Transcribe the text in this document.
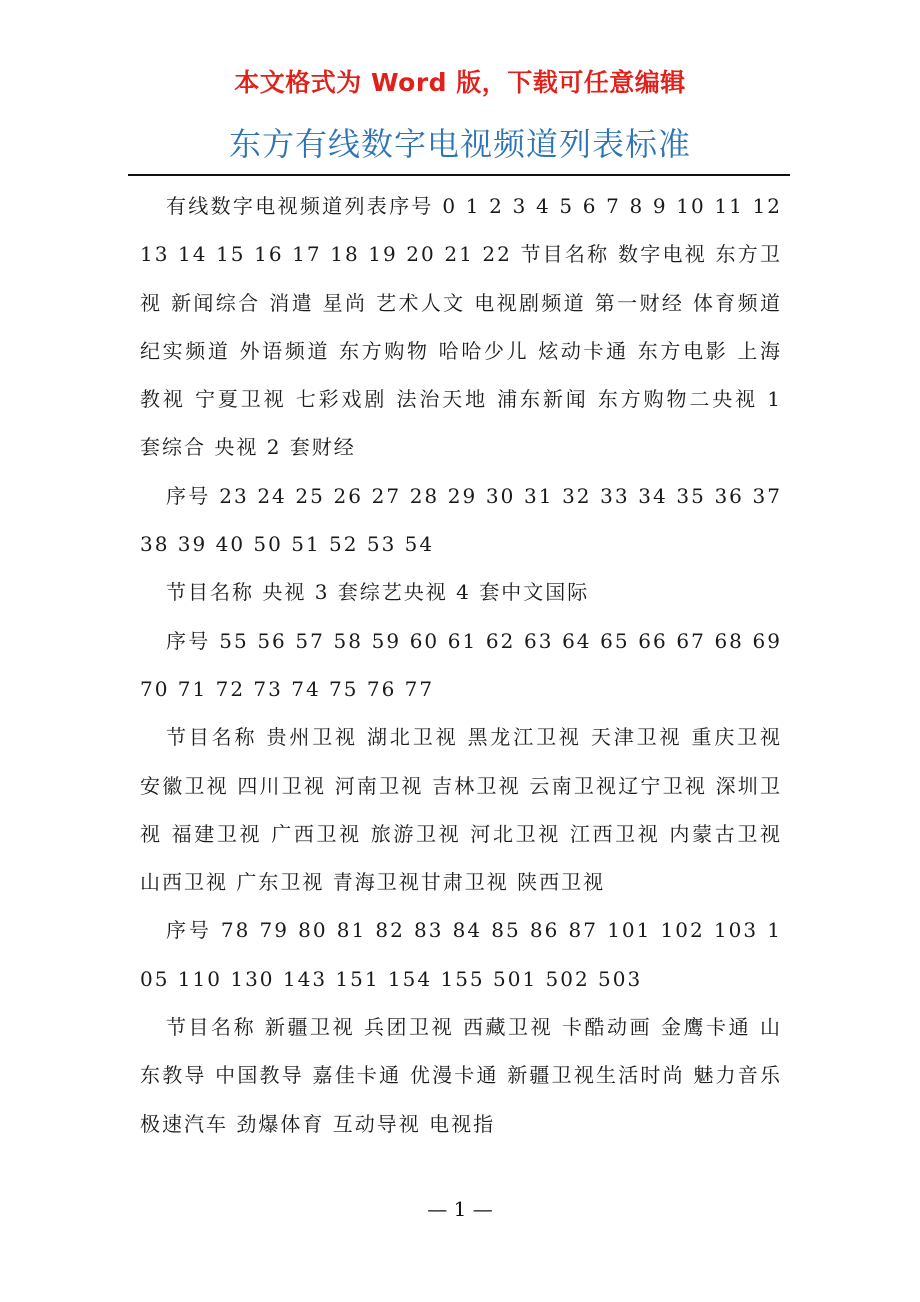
本文格式为 Word 版，下载可任意编辑
东方有线数字电视频道列表标准

有线数字电视频道列表序号 0 1 2 3 4 5 6 7 8 9 10 11 12 13 14 15 16 17 18 19 20 21 22 节目名称 数字电视 东方卫视 新闻综合 消遣 星尚 艺术人文 电视剧频道 第一财经 体育频道 纪实频道 外语频道 东方购物 哈哈少儿 炫动卡通 东方电影 上海教视 宁夏卫视 七彩戏剧 法治天地 浦东新闻 东方购物二央视 1 套综合 央视 2 套财经

序号 23 24 25 26 27 28 29 30 31 32 33 34 35 36 37 38 39 40 50 51 52 53 54

节目名称 央视 3 套综艺央视 4 套中文国际

序号 55 56 57 58 59 60 61 62 63 64 65 66 67 68 69 70 71 72 73 74 75 76 77

节目名称 贵州卫视 湖北卫视 黑龙江卫视 天津卫视 重庆卫视 安徽卫视 四川卫视 河南卫视 吉林卫视 云南卫视辽宁卫视 深圳卫视 福建卫视 广西卫视 旅游卫视 河北卫视 江西卫视 内蒙古卫视 山西卫视 广东卫视 青海卫视甘肃卫视 陕西卫视

序号 78 79 80 81 82 83 84 85 86 87 101 102 103 105 110 130 143 151 154 155 501 502 503

节目名称 新疆卫视 兵团卫视 西藏卫视 卡酷动画 金鹰卡通 山东教导 中国教导 嘉佳卡通 优漫卡通 新疆卫视生活时尚 魅力音乐 极速汽车 劲爆体育 互动导视 电视指

— 1 —
